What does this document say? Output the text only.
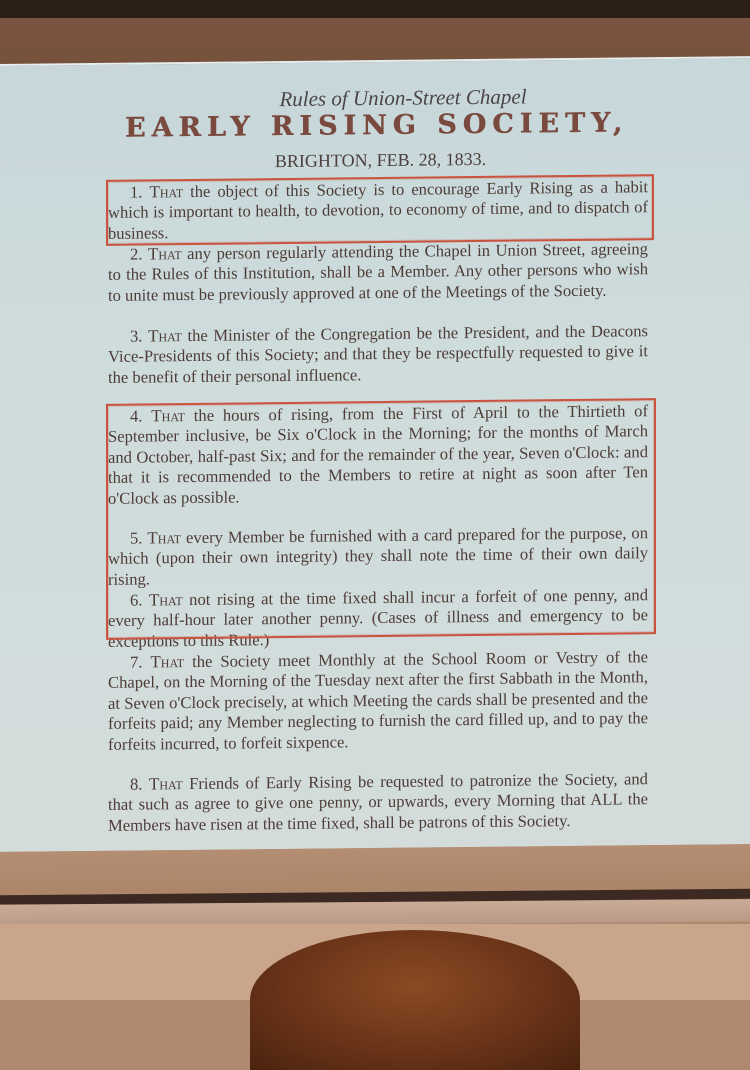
Rules of Union-Street Chapel
EARLY RISING SOCIETY,
BRIGHTON, FEB. 28, 1833.

1. That the object of this Society is to encourage Early Rising as a habit which is important to health, to devotion, to economy of time, and to dispatch of business.

2. That any person regularly attending the Chapel in Union Street, agreeing to the Rules of this Institution, shall be a Member. Any other persons who wish to unite must be previously approved at one of the Meetings of the Society.

3. That the Minister of the Congregation be the President, and the Deacons Vice-Presidents of this Society; and that they be respectfully requested to give it the benefit of their personal influence.

4. That the hours of rising, from the First of April to the Thirtieth of September inclusive, be Six o'Clock in the Morning; for the months of March and October, half-past Six; and for the remainder of the year, Seven o'Clock: and that it is recommended to the Members to retire at night as soon after Ten o'Clock as possible.

5. That every Member be furnished with a card prepared for the purpose, on which (upon their own integrity) they shall note the time of their own daily rising.

6. That not rising at the time fixed shall incur a forfeit of one penny, and every half-hour later another penny. (Cases of illness and emergency to be exceptions to this Rule.)

7. That the Society meet Monthly at the School Room or Vestry of the Chapel, on the Morning of the Tuesday next after the first Sabbath in the Month, at Seven o'Clock precisely, at which Meeting the cards shall be presented and the forfeits paid; any Member neglecting to furnish the card filled up, and to pay the forfeits incurred, to forfeit sixpence.

8. That Friends of Early Rising be requested to patronize the Society, and that such as agree to give one penny, or upwards, every Morning that ALL the Members have risen at the time fixed, shall be patrons of this Society.
